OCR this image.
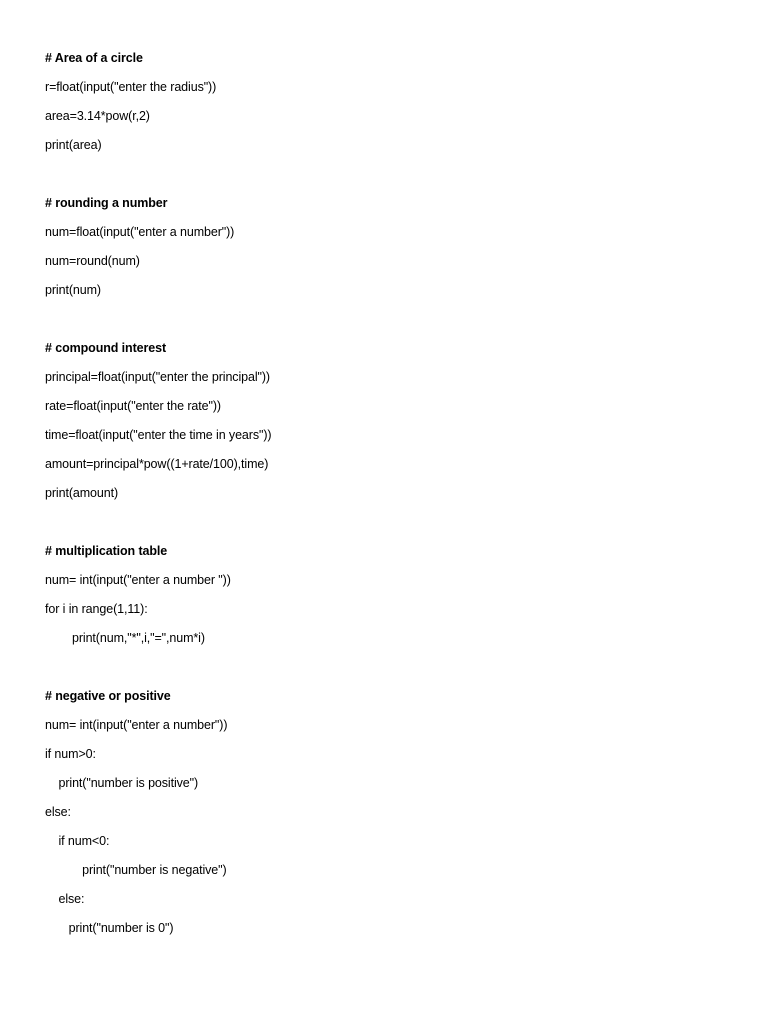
# Area of a circle
r=float(input("enter the radius"))
area=3.14*pow(r,2)
print(area)
# rounding a number
num=float(input("enter a number"))
num=round(num)
print(num)
# compound interest
principal=float(input("enter the principal"))
rate=float(input("enter the rate"))
time=float(input("enter the time in years"))
amount=principal*pow((1+rate/100),time)
print(amount)
# multiplication table
num= int(input("enter a number "))
for i in range(1,11):
print(num,"*",i,"=",num*i)
# negative or positive
num= int(input("enter a number"))
if num>0:
print("number is positive")
else:
if num<0:
print("number is negative")
else:
print("number is 0")
